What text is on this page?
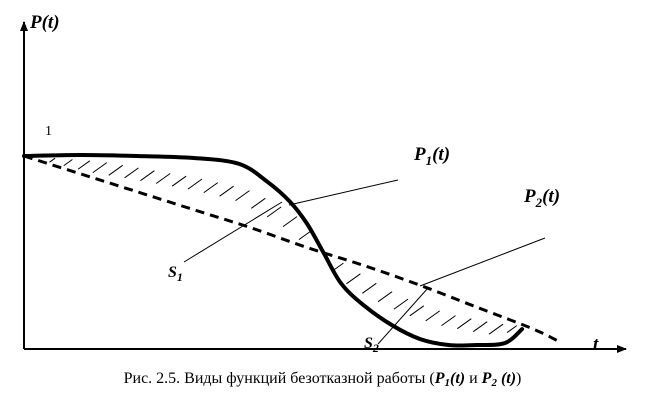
P(t)
t
1
$P_1(t)$
$P_2(t)$
$S_1$
$S_2$
Рис. 2.5. Виды функций безотказной работы (P1(t) и P2 (t))
